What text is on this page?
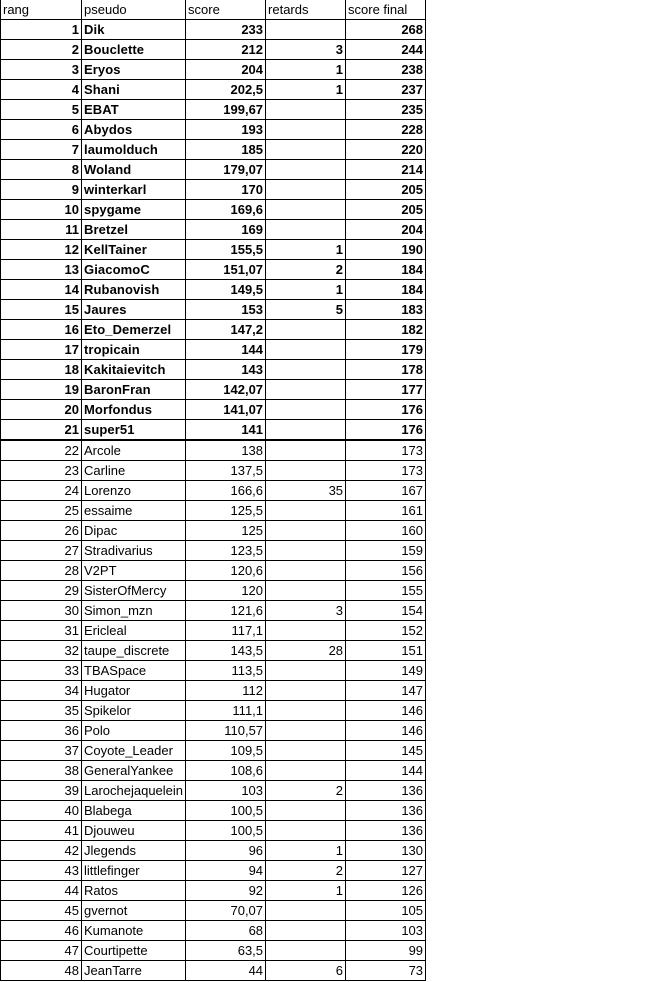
rang	pseudo	score	retards	score final
1	Dik	233		268
2	Bouclette	212	3	244
3	Eryos	204	1	238
4	Shani	202,5	1	237
5	EBAT	199,67		235
6	Abydos	193		228
7	laumolduch	185		220
8	Woland	179,07		214
9	winterkarl	170		205
10	spygame	169,6		205
11	Bretzel	169		204
12	KellTainer	155,5	1	190
13	GiacomoC	151,07	2	184
14	Rubanovish	149,5	1	184
15	Jaures	153	5	183
16	Eto_Demerzel	147,2		182
17	tropicain	144		179
18	Kakitaievitch	143		178
19	BaronFran	142,07		177
20	Morfondus	141,07		176
21	super51	141		176
22	Arcole	138		173
23	Carline	137,5		173
24	Lorenzo	166,6	35	167
25	essaime	125,5		161
26	Dipac	125		160
27	Stradivarius	123,5		159
28	V2PT	120,6		156
29	SisterOfMercy	120		155
30	Simon_mzn	121,6	3	154
31	Ericleal	117,1		152
32	taupe_discrete	143,5	28	151
33	TBASpace	113,5		149
34	Hugator	112		147
35	Spikelor	111,1		146
36	Polo	110,57		146
37	Coyote_Leader	109,5		145
38	GeneralYankee	108,6		144
39	Larochejaquelein	103	2	136
40	Blabega	100,5		136
41	Djouweu	100,5		136
42	Jlegends	96	1	130
43	littlefinger	94	2	127
44	Ratos	92	1	126
45	gvernot	70,07		105
46	Kumanote	68		103
47	Courtipette	63,5		99
48	JeanTarre	44	6	73
